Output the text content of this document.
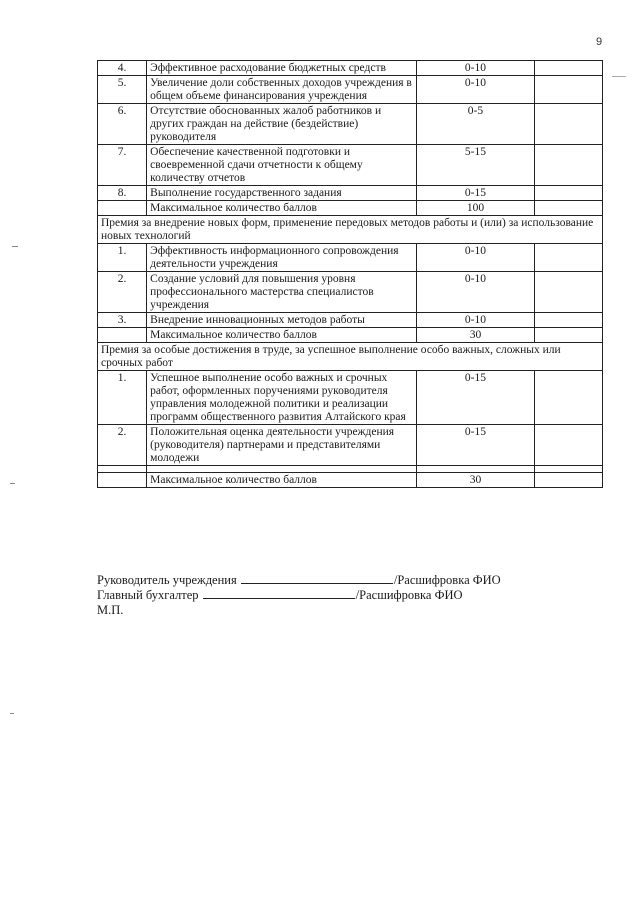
9
4.	Эффективное расходование бюджетных средств	0-10	
5.	Увеличение доли собственных доходов учреждения в общем объеме финансирования учреждения	0-10	
6.	Отсутствие обоснованных жалоб работников и других граждан на действие (бездействие) руководителя	0-5	
7.	Обеспечение качественной подготовки и своевременной сдачи отчетности к общему количеству отчетов	5-15	
8.	Выполнение государственного задания	0-15	
	Максимальное количество баллов	100	
Премия за внедрение новых форм, применение передовых методов работы и (или) за использование новых технологий			
1.	Эффективность информационного сопровождения деятельности учреждения	0-10	
2.	Создание условий для повышения уровня профессионального мастерства специалистов учреждения	0-10	
3.	Внедрение инновационных методов работы	0-10	
	Максимальное количество баллов	30	
Премия за особые достижения в труде, за успешное выполнение особо важных, сложных или срочных работ			
1.	Успешное выполнение особо важных и срочных работ, оформленных поручениями руководителя управления молодежной политики и реализации программ общественного развития Алтайского края	0-15	
2.	Положительная оценка деятельности учреждения (руководителя) партнерами и представителями молодежи	0-15	

	Максимальное количество баллов	30	
Руководитель учреждения	/Расшифровка ФИО
Главный бухгалтер	/Расшифровка ФИО
М.П.
